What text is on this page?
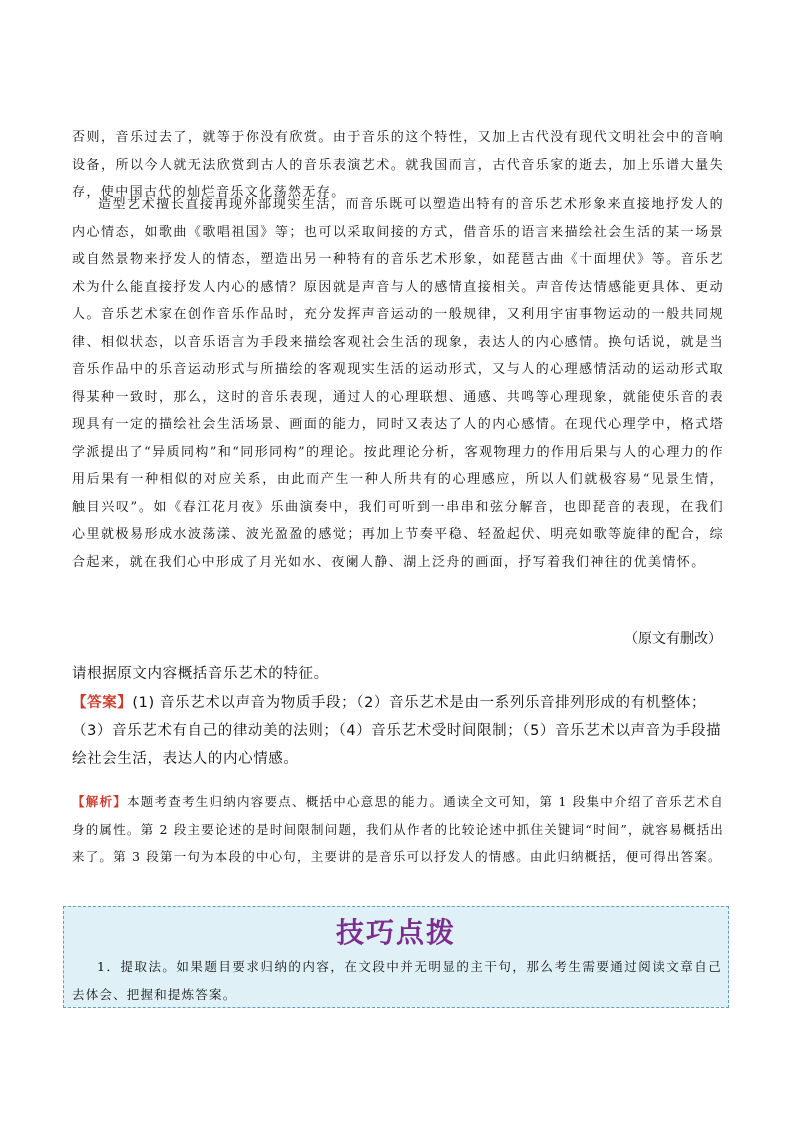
否则，音乐过去了，就等于你没有欣赏。由于音乐的这个特性，又加上古代没有现代文明社会中的音响设备，所以今人就无法欣赏到古人的音乐表演艺术。就我国而言，古代音乐家的逝去，加上乐谱大量失存，使中国古代的灿烂音乐文化荡然无存。
造型艺术擅长直接再现外部现实生活，而音乐既可以塑造出特有的音乐艺术形象来直接地抒发人的内心情态，如歌曲《歌唱祖国》等；也可以采取间接的方式，借音乐的语言来描绘社会生活的某一场景或自然景物来抒发人的情态，塑造出另一种特有的音乐艺术形象，如琵琶古曲《十面埋伏》等。音乐艺术为什么能直接抒发人内心的感情？原因就是声音与人的感情直接相关。声音传达情感能更具体、更动人。音乐艺术家在创作音乐作品时，充分发挥声音运动的一般规律，又利用宇宙事物运动的一般共同规律、相似状态，以音乐语言为手段来描绘客观社会生活的现象，表达人的内心感情。换句话说，就是当音乐作品中的乐音运动形式与所描绘的客观现实生活的运动形式，又与人的心理感情活动的运动形式取得某种一致时，那么，这时的音乐表现，通过人的心理联想、通感、共鸣等心理现象，就能使乐音的表现具有一定的描绘社会生活场景、画面的能力，同时又表达了人的内心感情。在现代心理学中，格式塔学派提出了“异质同构”和“同形同构”的理论。按此理论分析，客观物理力的作用后果与人的心理力的作用后果有一种相似的对应关系，由此而产生一种人所共有的心理感应，所以人们就极容易“见景生情，触目兴叹”。如《春江花月夜》乐曲演奏中，我们可听到一串串和弦分解音，也即琵音的表现，在我们心里就极易形成水波荡漾、波光盈盈的感觉；再加上节奏平稳、轻盈起伏、明亮如歌等旋律的配合，综合起来，就在我们心中形成了月光如水、夜阑人静、湖上泛舟的画面，抒写着我们神往的优美情怀。
（原文有删改）
请根据原文内容概括音乐艺术的特征。
【答案】(1) 音乐艺术以声音为物质手段；（2）音乐艺术是由一系列乐音排列形成的有机整体；（3）音乐艺术有自己的律动美的法则；（4）音乐艺术受时间限制；（5）音乐艺术以声音为手段描绘社会生活，表达人的内心情感。
【解析】本题考查考生归纳内容要点、概括中心意思的能力。通读全文可知，第 1 段集中介绍了音乐艺术自身的属性。第 2 段主要论述的是时间限制问题，我们从作者的比较论述中抓住关键词“时间”，就容易概括出来了。第 3 段第一句为本段的中心句，主要讲的是音乐可以抒发人的情感。由此归纳概括，便可得出答案。
技巧点拨
1．提取法。如果题目要求归纳的内容，在文段中并无明显的主干句，那么考生需要通过阅读文章自己去体会、把握和提炼答案。
